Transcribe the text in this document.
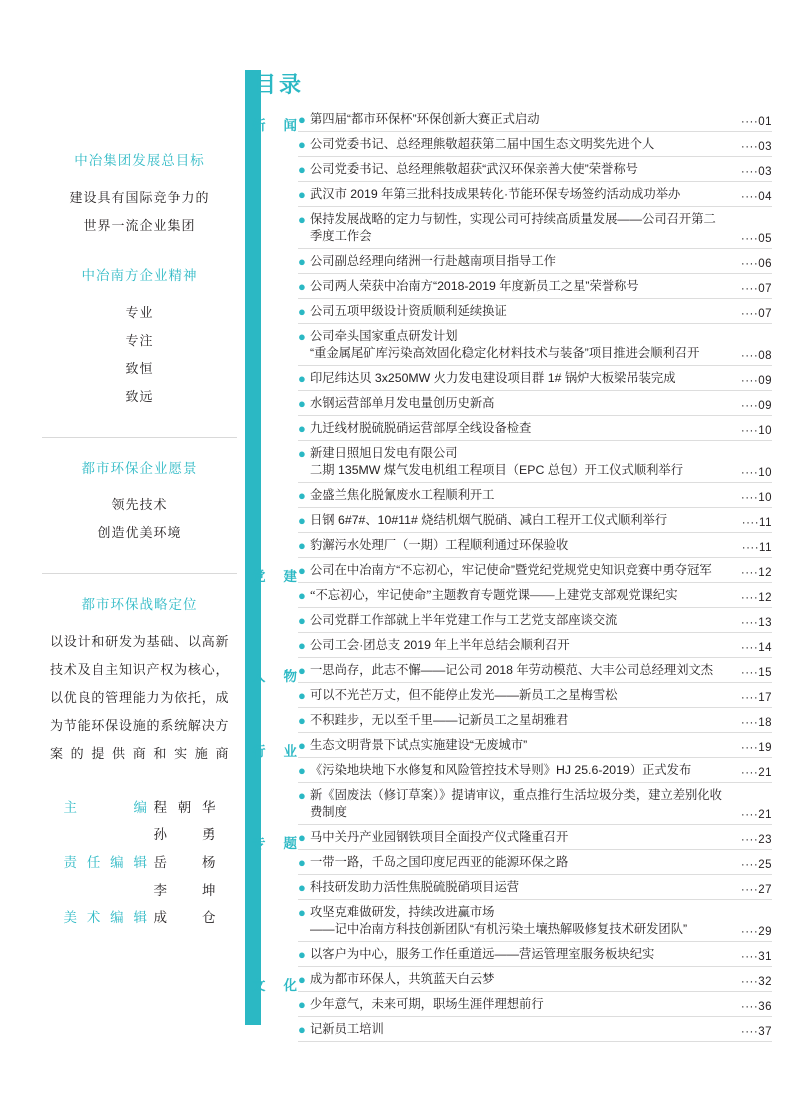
中冶集团发展总目标
建设具有国际竞争力的
世界一流企业集团
中冶南方企业精神
专业
专注
致恒
致远
都市环保企业愿景
领先技术
创造优美环境
都市环保战略定位
以设计和研发为基础、以高新技术及自主知识产权为核心，以优良的管理能力为依托，成为节能环保设施的系统解决方案的提供商和实施商
主　　编 程朝华
孙　勇
责任编辑 岳　杨
李　坤
美术编辑 成　仓
目录
新闻 ● 第四届“都市环保杯”环保创新大赛正式启动	····01
● 公司党委书记、总经理熊敬超获第二届中国生态文明奖先进个人	····03
● 公司党委书记、总经理熊敬超获“武汉环保亲善大使”荣誉称号	····03
● 武汉市 2019 年第三批科技成果转化·节能环保专场签约活动成功举办	····04
● 保持发展战略的定力与韧性，实现公司可持续高质量发展——公司召开第二季度工作会	····05
● 公司副总经理向绪洲一行赴越南项目指导工作	····06
● 公司两人荣获中冶南方“2018-2019 年度新员工之星”荣誉称号	····07
● 公司五项甲级设计资质顺利延续换证	····07
● 公司牵头国家重点研发计划
“重金属尾矿库污染高效固化稳定化材料技术与装备”项目推进会顺利召开	····08
● 印尼纬达贝 3x250MW 火力发电建设项目群 1# 锅炉大板梁吊装完成	····09
● 水钢运营部单月发电量创历史新高	····09
● 九迁线材脱硫脱硝运营部厚全线设备检查	····10
● 新建日照旭日发电有限公司
二期 135MW 煤气发电机组工程项目（EPC 总包）开工仪式顺利举行	····10
● 金盛兰焦化脱氰废水工程顺利开工	····10
● 日钢 6#7#、10#11# 烧结机烟气脱硝、减白工程开工仪式顺利举行	····11
● 豹澥污水处理厂（一期）工程顺利通过环保验收	····11
党建 ● 公司在中冶南方“不忘初心，牢记使命”暨党纪党规党史知识竞赛中勇夺冠军	····12
● “不忘初心，牢记使命”主题教育专题党课——上建党支部观党课纪实	····12
● 公司党群工作部就上半年党建工作与工艺党支部座谈交流	····13
● 公司工会·团总支 2019 年上半年总结会顺利召开	····14
人物 ● 一思尚存，此志不懈——记公司 2018 年劳动模范、大丰公司总经理刘文杰	····15
● 可以不光芒万丈，但不能停止发光——新员工之星梅雪松	····17
● 不积跬步，无以至千里——记新员工之星胡雅君	····18
行业 ● 生态文明背景下试点实施建设“无废城市”	····19
● 《污染地块地下水修复和风险管控技术导则》HJ 25.6-2019）正式发布	····21
● 新《固废法（修订草案）》提请审议，重点推行生活垃圾分类，建立差别化收费制度	····21
专题 ● 马中关丹产业园钢铁项目全面投产仪式隆重召开	····23
● 一带一路，千岛之国印度尼西亚的能源环保之路	····25
● 科技研发助力活性焦脱硫脱硝项目运营	····27
● 攻坚克难做研发，持续改进赢市场
——记中冶南方科技创新团队“有机污染土壤热解吸修复技术研发团队”	····29
● 以客户为中心，服务工作任重道远——营运管理室服务板块纪实	····31
文化 ● 成为都市环保人，共筑蓝天白云梦	····32
● 少年意气，未来可期，职场生涯伴理想前行	····36
● 记新员工培训	····37
